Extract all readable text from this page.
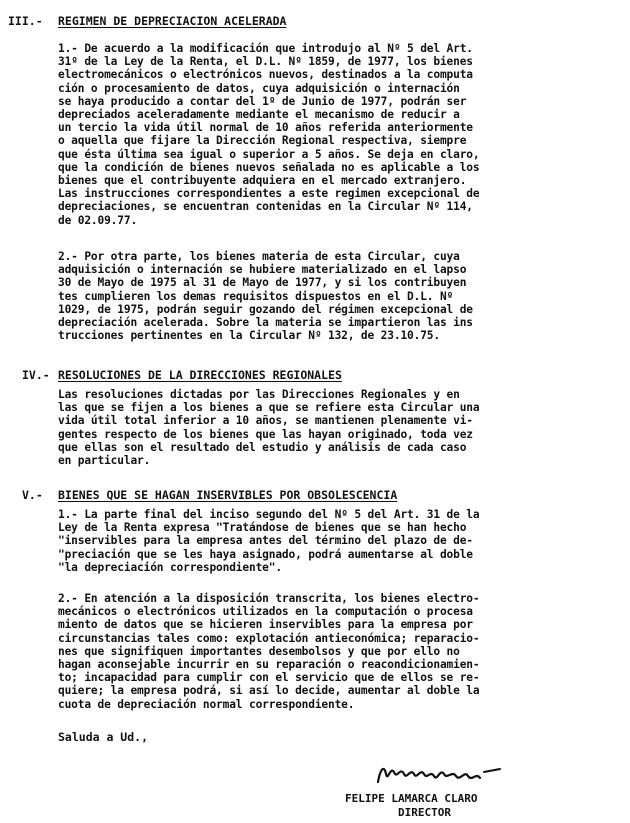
III.- REGIMEN DE DEPRECIACION ACELERADA
1.- De acuerdo a la modificación que introdujo al Nº 5 del Art.
31º de la Ley de la Renta, el D.L. Nº 1859, de 1977, los bienes
electromecánicos o electrónicos nuevos, destinados a la computa
ción o procesamiento de datos, cuya adquisición o internación
se haya producido a contar del 1º de Junio de 1977, podrán ser
depreciados aceleradamente mediante el mecanismo de reducir a
un tercio la vida útil normal de 10 años referida anteriormente
o aquella que fijare la Dirección Regional respectiva, siempre
que ésta última sea igual o superior a 5 años. Se deja en claro,
que la condición de bienes nuevos señalada no es aplicable a los
bienes que el contribuyente adquiera en el mercado extranjero.
Las instrucciones correspondientes a este regimen excepcional de
depreciaciones, se encuentran contenidas en la Circular Nº 114,
de 02.09.77.
2.- Por otra parte, los bienes materia de esta Circular, cuya
adquisición o internación se hubiere materializado en el lapso
30 de Mayo de 1975 al 31 de Mayo de 1977, y si los contribuyen
tes cumplieren los demas requisitos dispuestos en el D.L. Nº
1029, de 1975, podrán seguir gozando del régimen excepcional de
depreciación acelerada. Sobre la materia se impartieron las ins
trucciones pertinentes en la Circular Nº 132, de 23.10.75.
IV.- RESOLUCIONES DE LA DIRECCIONES REGIONALES
Las resoluciones dictadas por las Direcciones Regionales y en
las que se fijen a los bienes a que se refiere esta Circular una
vida útil total inferior a 10 años, se mantienen plenamente vi-
gentes respecto de los bienes que las hayan originado, toda vez
que ellas son el resultado del estudio y análisis de cada caso
en particular.
V.- BIENES QUE SE HAGAN INSERVIBLES POR OBSOLESCENCIA
1.- La parte final del inciso segundo del Nº 5 del Art. 31 de la
Ley de la Renta expresa "Tratándose de bienes que se han hecho
"inservibles para la empresa antes del término del plazo de de-
"preciación que se les haya asignado, podrá aumentarse al doble
"la depreciación correspondiente".
2.- En atención a la disposición transcrita, los bienes electro-
mecánicos o electrónicos utilizados en la computación o procesa
miento de datos que se hicieren inservibles para la empresa por
circunstancias tales como: explotación antieconómica; reparacio-
nes que signifiquen importantes desembolsos y que por ello no
hagan aconsejable incurrir en su reparación o reacondicionamien-
to; incapacidad para cumplir con el servicio que de ellos se re-
quiere; la empresa podrá, si así lo decide, aumentar al doble la
cuota de depreciación normal correspondiente.
Saluda a Ud.,
FELIPE LAMARCA CLARO
DIRECTOR
